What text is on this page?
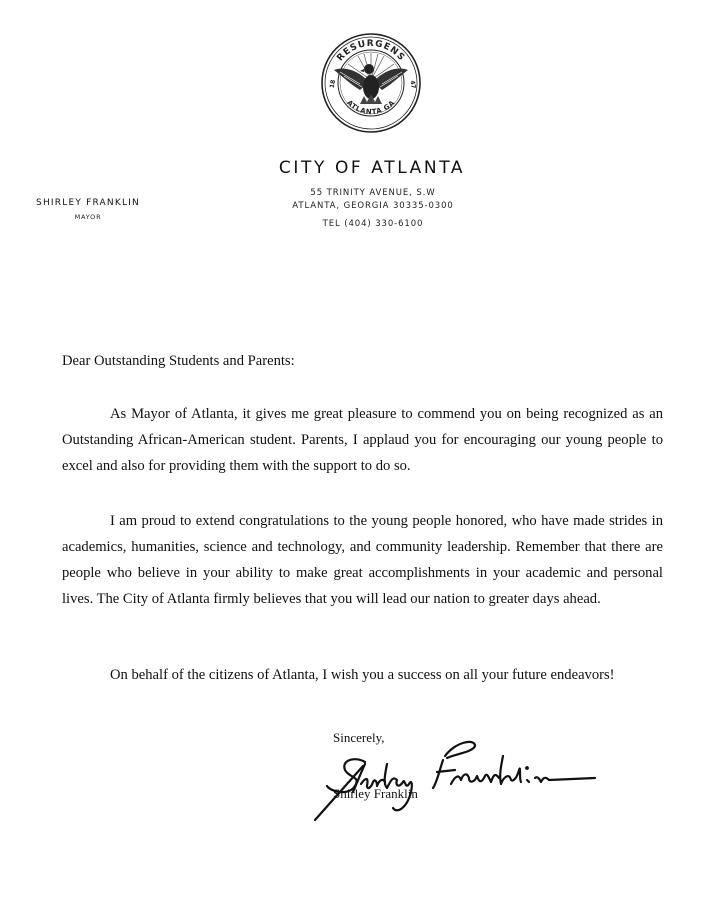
RESURGENS
ATLANTA GA
18	47
CITY OF ATLANTA
55 TRINITY AVENUE, S.W
ATLANTA, GEORGIA 30335-0300
TEL (404) 330-6100
SHIRLEY FRANKLIN
MAYOR
Dear Outstanding Students and Parents:

As Mayor of Atlanta, it gives me great pleasure to commend you on being recognized as an Outstanding African-American student. Parents, I applaud you for encouraging our young people to excel and also for providing them with the support to do so.

I am proud to extend congratulations to the young people honored, who have made strides in academics, humanities, science and technology, and community leadership. Remember that there are people who believe in your ability to make great accomplishments in your academic and personal lives. The City of Atlanta firmly believes that you will lead our nation to greater days ahead.

On behalf of the citizens of Atlanta, I wish you a success on all your future endeavors!

Sincerely,
Shirley Franklin
